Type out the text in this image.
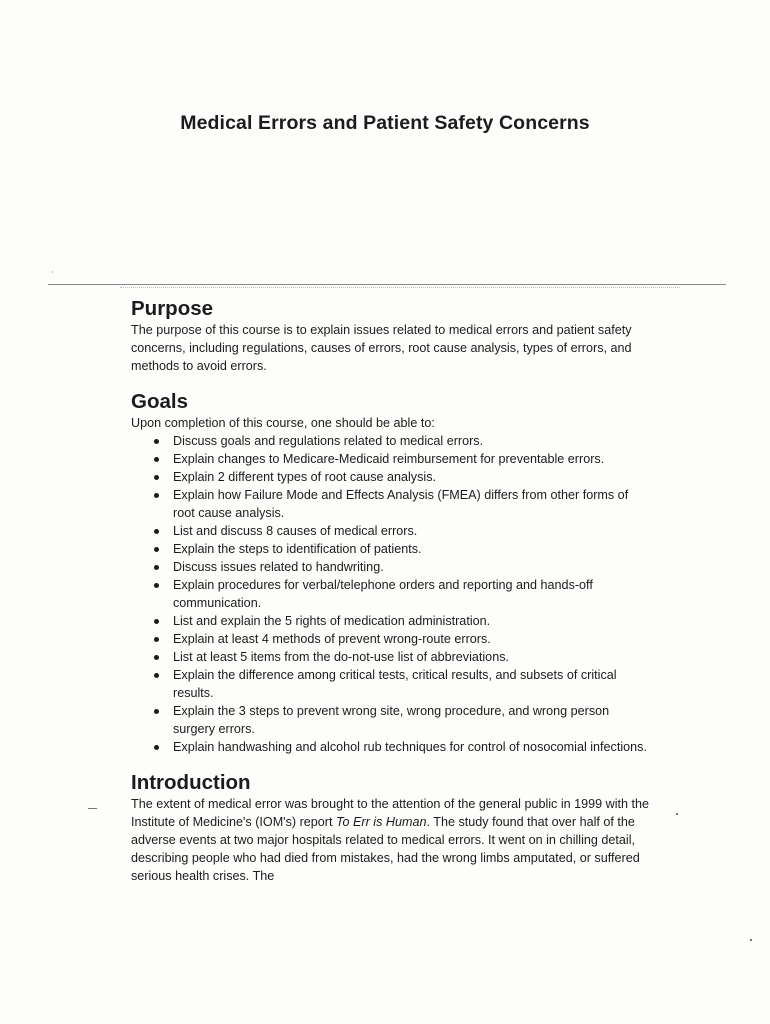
Medical Errors and Patient Safety Concerns
Purpose

The purpose of this course is to explain issues related to medical errors and patient safety concerns, including regulations, causes of errors, root cause analysis, types of errors, and methods to avoid errors.

Goals

Upon completion of this course, one should be able to:

Discuss goals and regulations related to medical errors.
Explain changes to Medicare-Medicaid reimbursement for preventable errors.
Explain 2 different types of root cause analysis.
Explain how Failure Mode and Effects Analysis (FMEA) differs from other forms of root cause analysis.
List and discuss 8 causes of medical errors.
Explain the steps to identification of patients.
Discuss issues related to handwriting.
Explain procedures for verbal/telephone orders and reporting and hands-off communication.
List and explain the 5 rights of medication administration.
Explain at least 4 methods of prevent wrong-route errors.
List at least 5 items from the do-not-use list of abbreviations.
Explain the difference among critical tests, critical results, and subsets of critical results.
Explain the 3 steps to prevent wrong site, wrong procedure, and wrong person surgery errors.
Explain handwashing and alcohol rub techniques for control of nosocomial infections.
Introduction

The extent of medical error was brought to the attention of the general public in 1999 with the Institute of Medicine's (IOM's) report To Err is Human. The study found that over half of the adverse events at two major hospitals related to medical errors. It went on in chilling detail, describing people who had died from mistakes, had the wrong limbs amputated, or suffered serious health crises. The
